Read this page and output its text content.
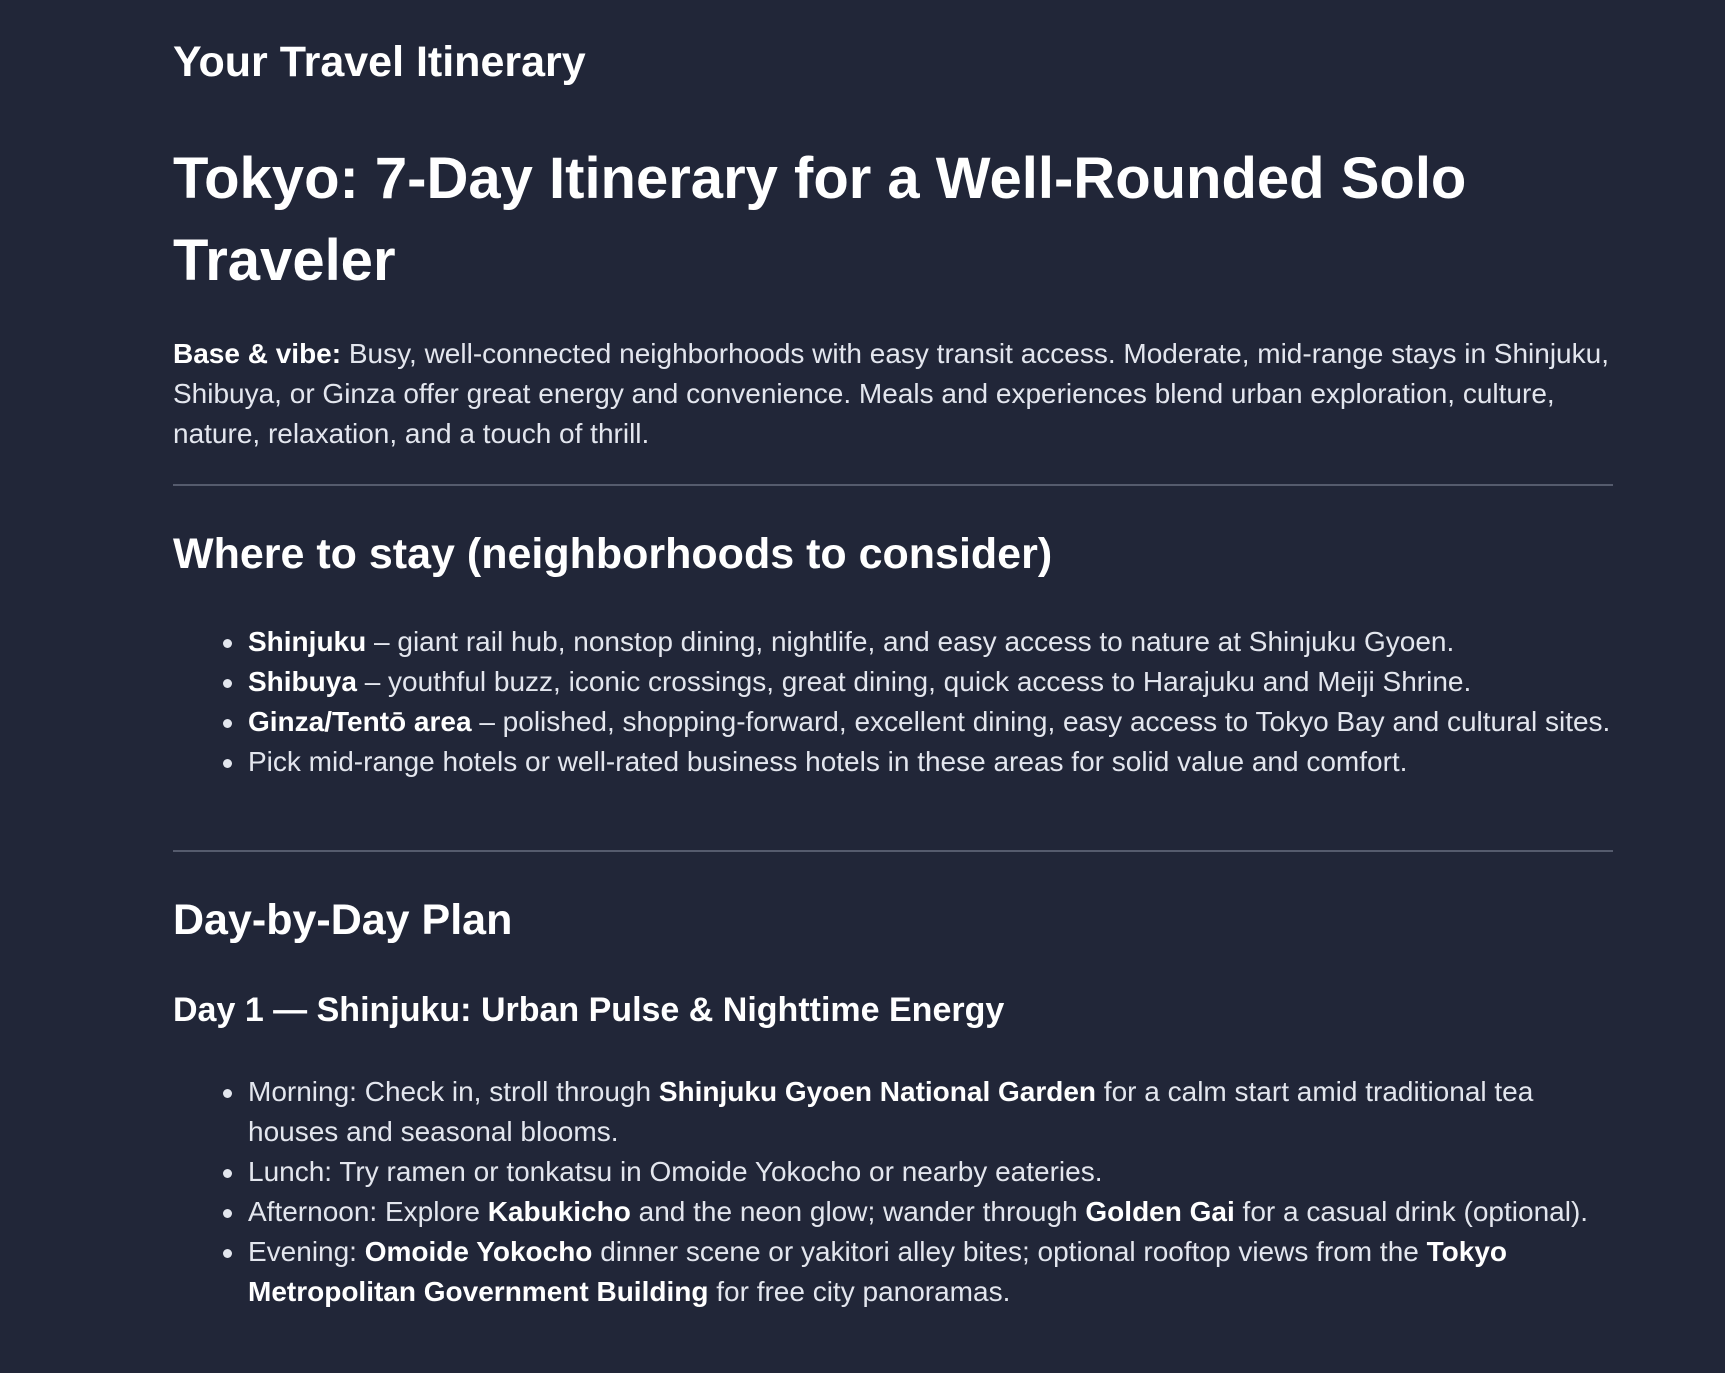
Your Travel Itinerary
Tokyo: 7-Day Itinerary for a Well-Rounded Solo Traveler

Base & vibe: Busy, well-connected neighborhoods with easy transit access. Moderate, mid-range stays in Shinjuku, Shibuya, or Ginza offer great energy and convenience. Meals and experiences blend urban exploration, culture, nature, relaxation, and a touch of thrill.

Where to stay (neighborhoods to consider)
Shinjuku – giant rail hub, nonstop dining, nightlife, and easy access to nature at Shinjuku Gyoen.
Shibuya – youthful buzz, iconic crossings, great dining, quick access to Harajuku and Meiji Shrine.
Ginza/Tentō area – polished, shopping-forward, excellent dining, easy access to Tokyo Bay and cultural sites.
Pick mid-range hotels or well-rated business hotels in these areas for solid value and comfort.
Day-by-Day Plan
Day 1 — Shinjuku: Urban Pulse & Nighttime Energy
Morning: Check in, stroll through Shinjuku Gyoen National Garden for a calm start amid traditional tea houses and seasonal blooms.
Lunch: Try ramen or tonkatsu in Omoide Yokocho or nearby eateries.
Afternoon: Explore Kabukicho and the neon glow; wander through Golden Gai for a casual drink (optional).
Evening: Omoide Yokocho dinner scene or yakitori alley bites; optional rooftop views from the Tokyo Metropolitan Government Building for free city panoramas.
